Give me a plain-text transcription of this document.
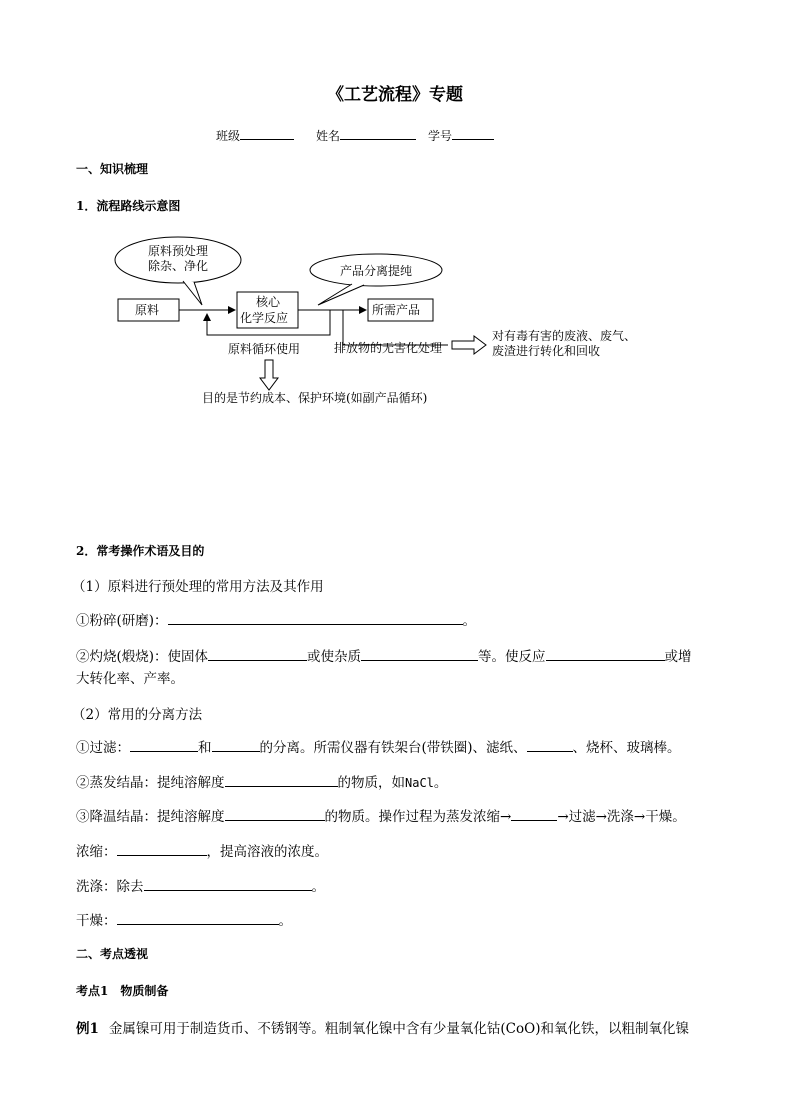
《工艺流程》专题
班级	姓名	学号
一、知识梳理
1．流程路线示意图
原料预处理
除杂、净化	产品分离提纯
原料
核心
化学反应
所需产品
原料循环使用	排放物的无害化处理
对有毒有害的废液、废气、
废渣进行转化和回收
目的是节约成本、保护环境(如副产品循环)
2．常考操作术语及目的
（1）原料进行预处理的常用方法及其作用
①粉碎(研磨)：	。
②灼烧(煅烧)：使固体	或使杂质	等。使反应	或增
大转化率、产率。
（2）常用的分离方法
①过滤：	和	的分离。所需仪器有铁架台(带铁圈)、滤纸、	、烧杯、玻璃棒。
②蒸发结晶：提纯溶解度	的物质，如NaCl。
③降温结晶：提纯溶解度	的物质。操作过程为蒸发浓缩→	→过滤→洗涤→干燥。
浓缩：	，提高溶液的浓度。
洗涤：除去	。
干燥：	。
二、考点透视
考点1 物质制备
例1 金属镍可用于制造货币、不锈钢等。粗制氧化镍中含有少量氧化钴(CoO)和氧化铁，以粗制氧化镍
